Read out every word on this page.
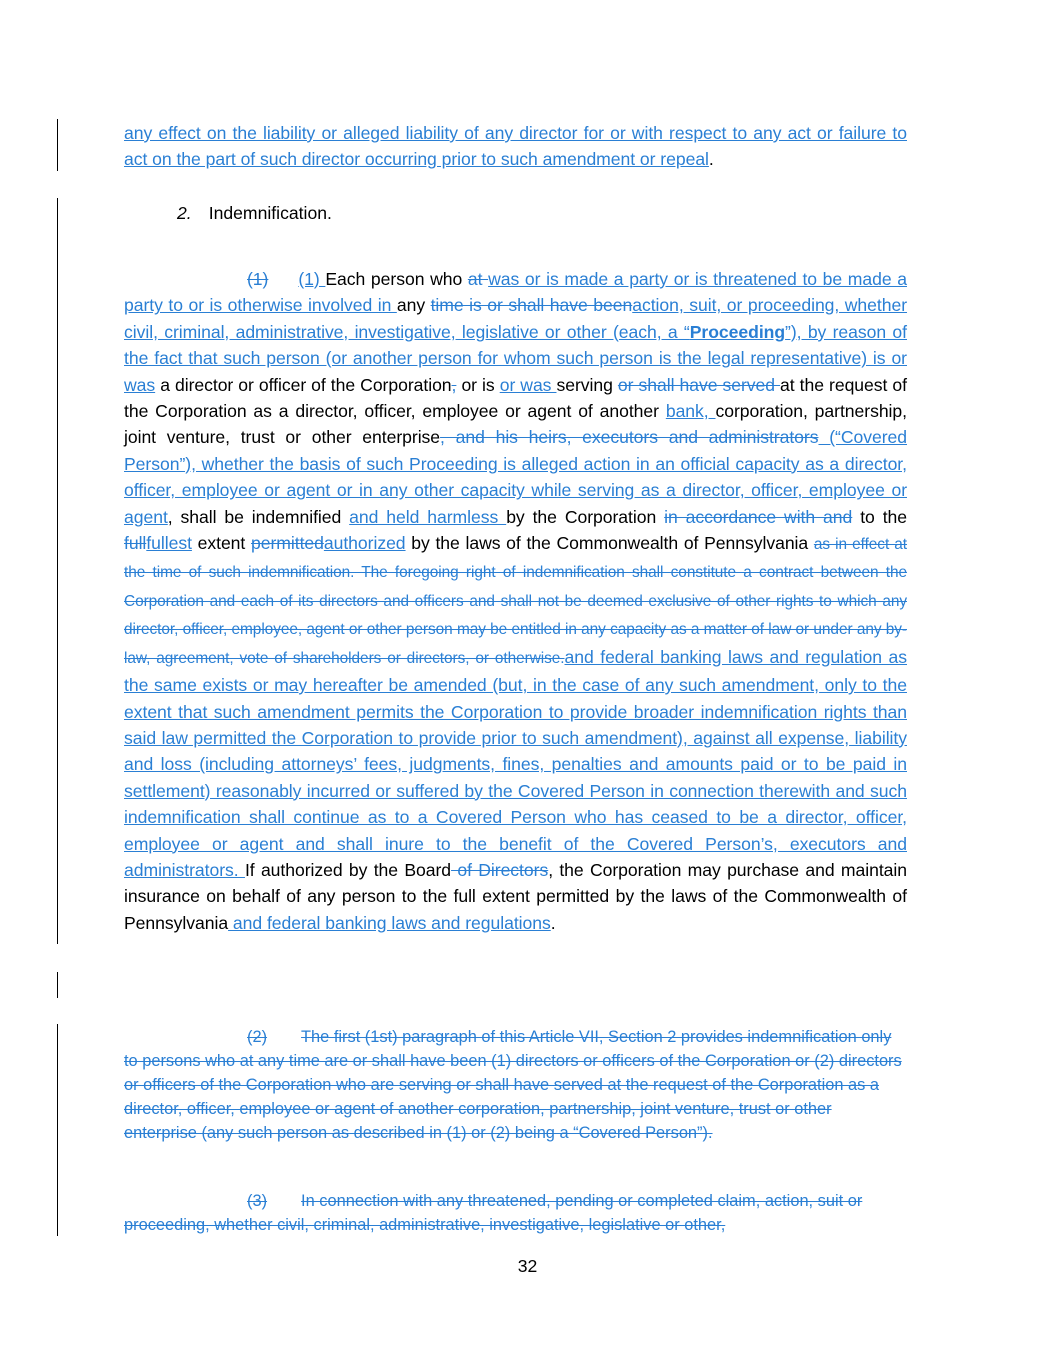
any effect on the liability or alleged liability of any director for or with respect to any act or failure to act on the part of such director occurring prior to such amendment or repeal.

2. Indemnification.

(1) (1) Each person who at was or is made a party or is threatened to be made a party to or is otherwise involved in any time is or shall have beenaction, suit, or proceeding, whether civil, criminal, administrative, investigative, legislative or other (each, a “Proceeding”), by reason of the fact that such person (or another person for whom such person is the legal representative) is or was a director or officer of the Corporation, or is or was serving or shall have served at the request of the Corporation as a director, officer, employee or agent of another bank, corporation, partnership, joint venture, trust or other enterprise, and his heirs, executors and administrators (“Covered Person”), whether the basis of such Proceeding is alleged action in an official capacity as a director, officer, employee or agent or in any other capacity while serving as a director, officer, employee or agent, shall be indemnified and held harmless by the Corporation in accordance with and to the fullfullest extent permittedauthorized by the laws of the Commonwealth of Pennsylvania as in effect at the time of such indemnification. The foregoing right of indemnification shall constitute a contract between the Corporation and each of its directors and officers and shall not be deemed exclusive of other rights to which any director, officer, employee, agent or other person may be entitled in any capacity as a matter of law or under any by-law, agreement, vote of shareholders or directors, or otherwise.and federal banking laws and regulation as the same exists or may hereafter be amended (but, in the case of any such amendment, only to the extent that such amendment permits the Corporation to provide broader indemnification rights than said law permitted the Corporation to provide prior to such amendment), against all expense, liability and loss (including attorneys’ fees, judgments, fines, penalties and amounts paid or to be paid in settlement) reasonably incurred or suffered by the Covered Person in connection therewith and such indemnification shall continue as to a Covered Person who has ceased to be a director, officer, employee or agent and shall inure to the benefit of the Covered Person’s, executors and administrators. If authorized by the Board of Directors, the Corporation may purchase and maintain insurance on behalf of any person to the full extent permitted by the laws of the Commonwealth of Pennsylvania and federal banking laws and regulations.

(2)  The first (1st) paragraph of this Article VII, Section 2 provides indemnification only to persons who at any time are or shall have been (1) directors or officers of the Corporation or (2) directors or officers of the Corporation who are serving or shall have served at the request of the Corporation as a director, officer, employee or agent of another corporation, partnership, joint venture, trust or other enterprise (any such person as described in (1) or (2) being a “Covered Person”).

(3)  In connection with any threatened, pending or completed claim, action, suit or proceeding, whether civil, criminal, administrative, investigative, legislative or other,

32
